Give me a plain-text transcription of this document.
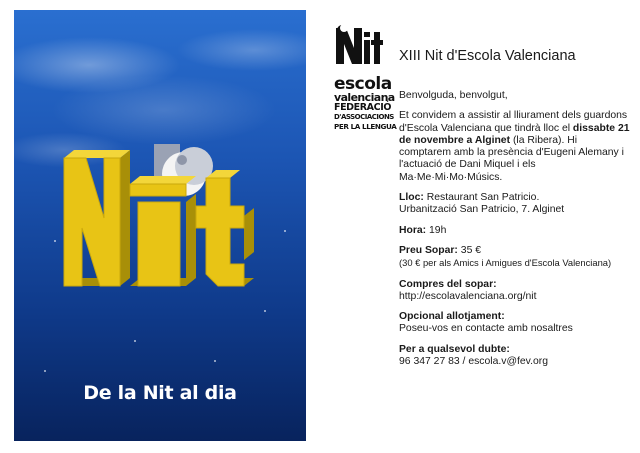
De la Nit al dia
XIII Nit d'Escola Valenciana
escola
valenciana
FEDERACIÓ
D'ASSOCIACIONS
PER LA LLENGUA

Benvolguda, benvolgut,

Et convidem a assistir al lliurament dels guardons d'Escola Valenciana que tindrà lloc el dissabte 21 de novembre a Alginet (la Ribera). Hi comptarem amb la presència d'Eugeni Alemany i l'actuació de Dani Miquel i els Ma·Me·Mi·Mo·Músics.

Lloc: Restaurant San Patricio.
Urbanització San Patricio, 7. Alginet

Hora: 19h

Preu Sopar: 35 €
(30 € per als Amics i Amigues d'Escola Valenciana)

Compres del sopar:
http://escolavalenciana.org/nit

Opcional allotjament:
Poseu-vos en contacte amb nosaltres

Per a qualsevol dubte:
96 347 27 83 / escola.v@fev.org
